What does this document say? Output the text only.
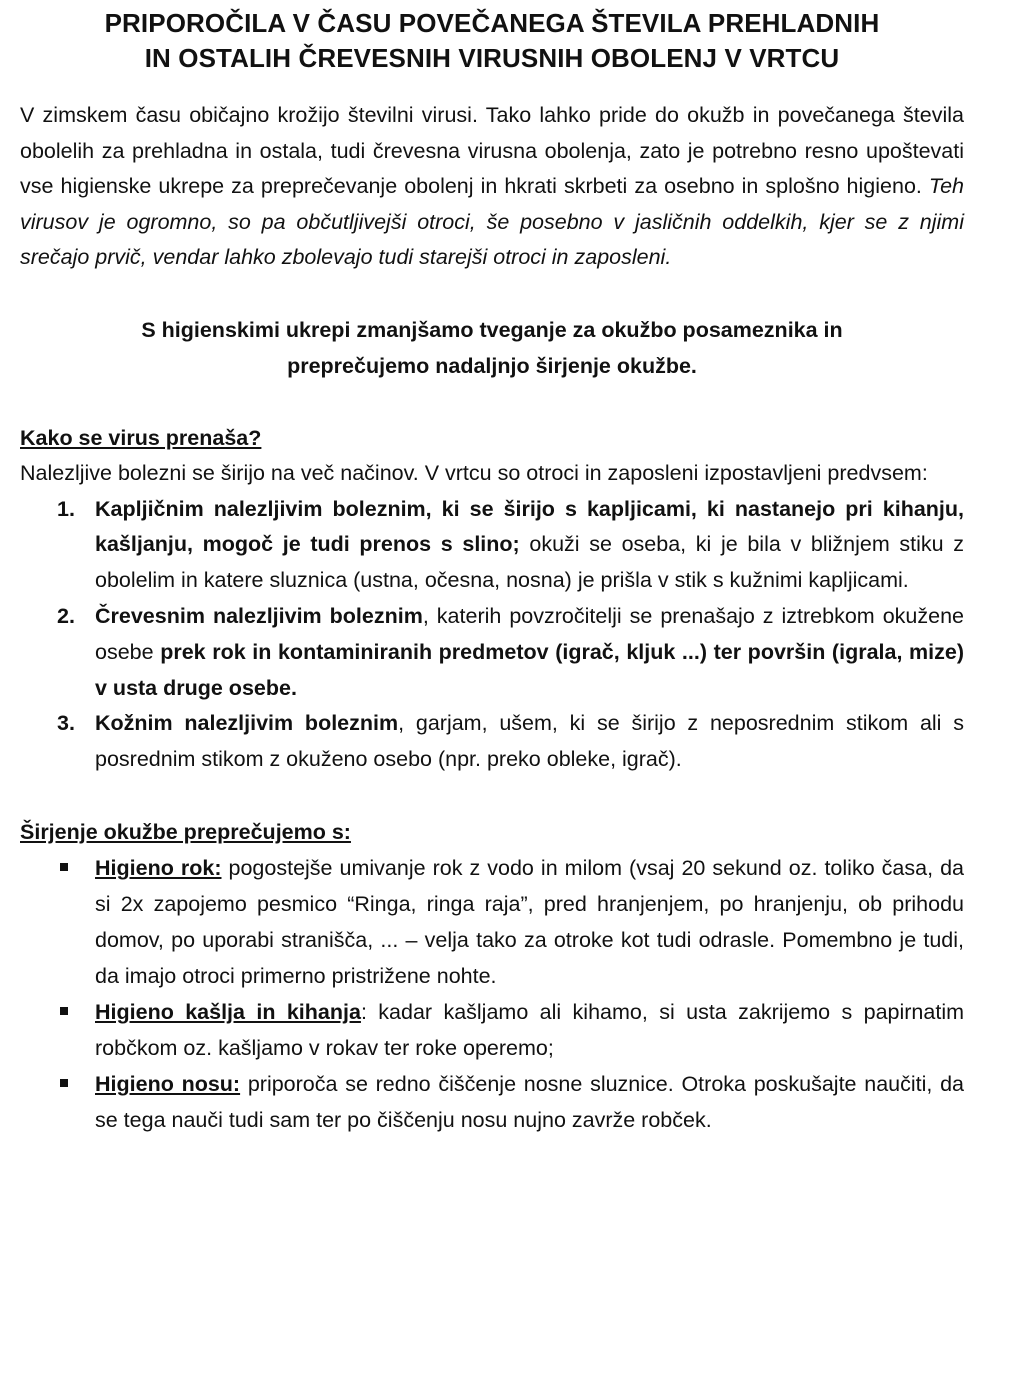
PRIPOROČILA V ČASU POVEČANEGA ŠTEVILA PREHLADNIH
IN OSTALIH ČREVESNIH VIRUSNIH OBOLENJ V VRTCU

V zimskem času običajno krožijo številni virusi. Tako lahko pride do okužb in povečanega števila obolelih za prehladna in ostala, tudi črevesna virusna obolenja, zato je potrebno resno upoštevati vse higienske ukrepe za preprečevanje obolenj in hkrati skrbeti za osebno in splošno higieno. Teh virusov je ogromno, so pa občutljivejši otroci, še posebno v jasličnih oddelkih, kjer se z njimi srečajo prvič, vendar lahko zbolevajo tudi starejši otroci in zaposleni.

S higienskimi ukrepi zmanjšamo tveganje za okužbo posameznika in
preprečujemo nadaljnjo širjenje okužbe.

Kako se virus prenaša?

Nalezljive bolezni se širijo na več načinov. V vrtcu so otroci in zaposleni izpostavljeni predvsem:

1. Kapljičnim nalezljivim boleznim, ki se širijo s kapljicami, ki nastanejo pri kihanju, kašljanju, mogoč je tudi prenos s slino; okuži se oseba, ki je bila v bližnjem stiku z obolelim in katere sluznica (ustna, očesna, nosna) je prišla v stik s kužnimi kapljicami.
2. Črevesnim nalezljivim boleznim, katerih povzročitelji se prenašajo z iztrebkom okužene osebe prek rok in kontaminiranih predmetov (igrač, kljuk ...) ter površin (igrala, mize) v usta druge osebe.
3. Kožnim nalezljivim boleznim, garjam, ušem, ki se širijo z neposrednim stikom ali s posrednim stikom z okuženo osebo (npr. preko obleke, igrač).
Širjenje okužbe preprečujemo s:
Higieno rok: pogostejše umivanje rok z vodo in milom (vsaj 20 sekund oz. toliko časa, da si 2x zapojemo pesmico “Ringa, ringa raja”, pred hranjenjem, po hranjenju, ob prihodu domov, po uporabi stranišča, ... – velja tako za otroke kot tudi odrasle. Pomembno je tudi, da imajo otroci primerno pristrižene nohte.
Higieno kašlja in kihanja: kadar kašljamo ali kihamo, si usta zakrijemo s papirnatim robčkom oz. kašljamo v rokav ter roke operemo;
Higieno nosu: priporoča se redno čiščenje nosne sluznice. Otroka poskušajte naučiti, da se tega nauči tudi sam ter po čiščenju nosu nujno zavrže robček.
